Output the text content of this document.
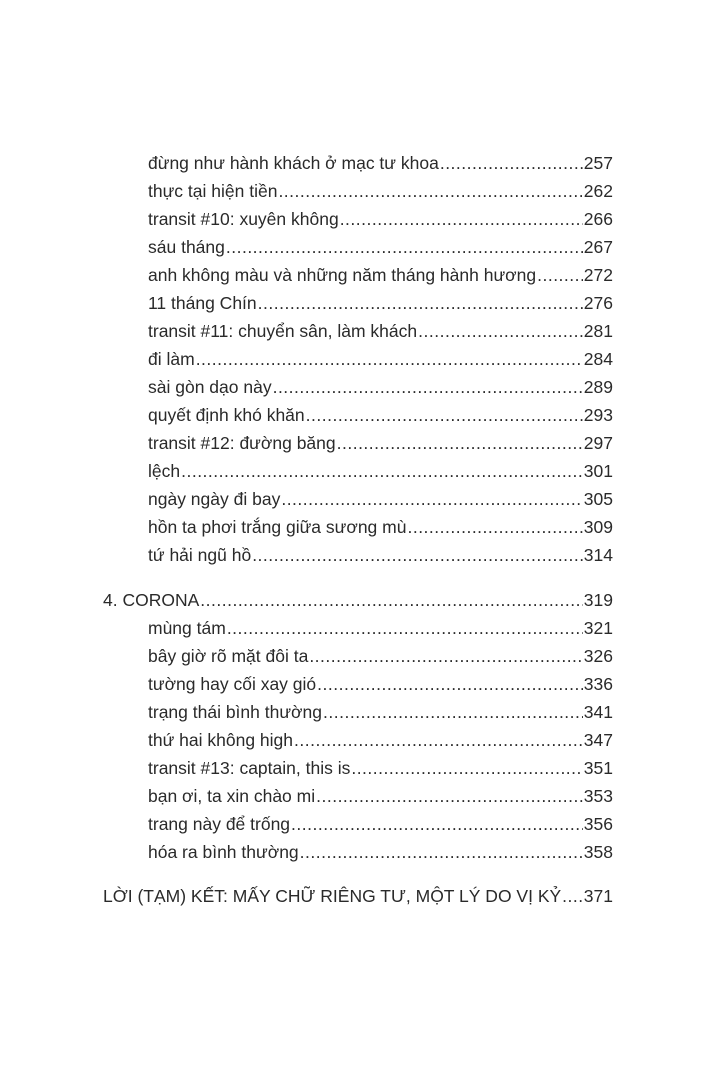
đừng như hành khách ở mạc tư khoa .....	257
thực tại hiện tiền .....	262
transit #10: xuyên không .....	266
sáu tháng .....	267
anh không màu và những năm tháng hành hương .....	272
11 tháng Chín .....	276
transit #11: chuyển sân, làm khách .....	281
đi làm .....	284
sài gòn dạo này .....	289
quyết định khó khăn .....	293
transit #12: đường băng .....	297
lệch .....	301
ngày ngày đi bay .....	305
hồn ta phơi trắng giữa sương mù .....	309
tứ hải ngũ hồ .....	314
4. CORONA .....	319
mùng tám .....	321
bây giờ rõ mặt đôi ta .....	326
tường hay cối xay gió .....	336
trạng thái bình thường .....	341
thứ hai không high .....	347
transit #13: captain, this is .....	351
bạn ơi, ta xin chào mi .....	353
trang này để trống .....	356
hóa ra bình thường .....	358
LỜI (TẠM) KẾT: MẤY CHỮ RIÊNG TƯ, MỘT LÝ DO VỊ KỶ ..... 371
